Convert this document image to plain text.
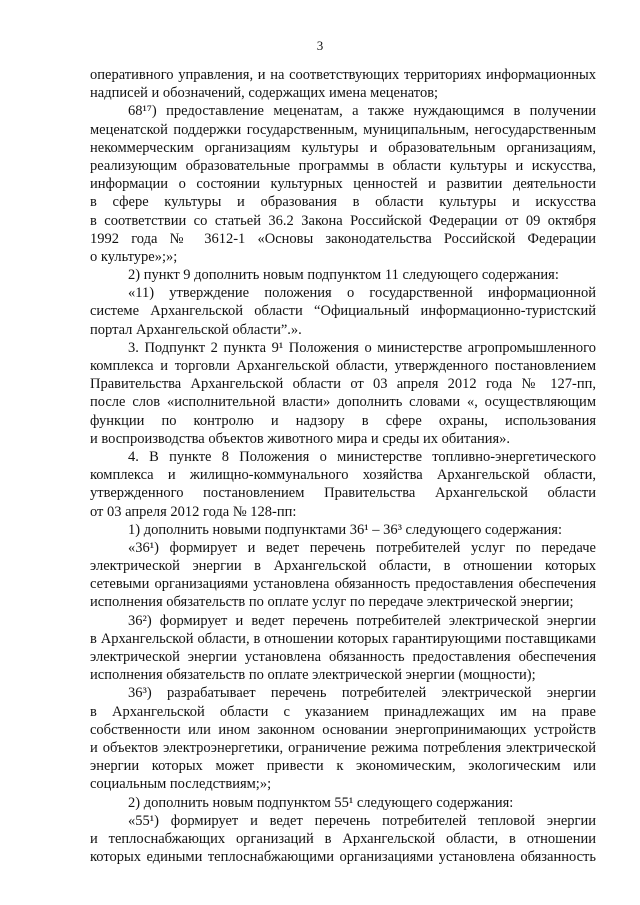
3
оперативного управления, и на соответствующих территориях информационных
надписей и обозначений, содержащих имена меценатов;
68¹⁷) предоставление меценатам, а также нуждающимся в получении
меценатской поддержки государственным, муниципальным, негосударственным
некоммерческим организациям культуры и образовательным организациям,
реализующим образовательные программы в области культуры и искусства,
информации о состоянии культурных ценностей и развитии деятельности
в сфере культуры и образования в области культуры и искусства
в соответствии со статьей 36.2 Закона Российской Федерации от 09 октября
1992 года № 3612-1 «Основы законодательства Российской Федерации
о культуре»;»;
2) пункт 9 дополнить новым подпунктом 11 следующего содержания:
«11) утверждение положения о государственной информационной
системе Архангельской области “Официальный информационно-туристский
портал Архангельской области”.».
3. Подпункт 2 пункта 9¹ Положения о министерстве агропромышленного
комплекса и торговли Архангельской области, утвержденного постановлением
Правительства Архангельской области от 03 апреля 2012 года № 127-пп,
после слов «исполнительной власти» дополнить словами «, осуществляющим
функции по контролю и надзору в сфере охраны, использования
и воспроизводства объектов животного мира и среды их обитания».
4. В пункте 8 Положения о министерстве топливно-энергетического
комплекса и жилищно-коммунального хозяйства Архангельской области,
утвержденного постановлением Правительства Архангельской области
от 03 апреля 2012 года № 128-пп:
1) дополнить новыми подпунктами 36¹ – 36³ следующего содержания:
«36¹) формирует и ведет перечень потребителей услуг по передаче
электрической энергии в Архангельской области, в отношении которых
сетевыми организациями установлена обязанность предоставления обеспечения
исполнения обязательств по оплате услуг по передаче электрической энергии;
36²) формирует и ведет перечень потребителей электрической энергии
в Архангельской области, в отношении которых гарантирующими поставщиками
электрической энергии установлена обязанность предоставления обеспечения
исполнения обязательств по оплате электрической энергии (мощности);
36³) разрабатывает перечень потребителей электрической энергии
в Архангельской области с указанием принадлежащих им на праве
собственности или ином законном основании энергопринимающих устройств
и объектов электроэнергетики, ограничение режима потребления электрической
энергии которых может привести к экономическим, экологическим или
социальным последствиям;»;
2) дополнить новым подпунктом 55¹ следующего содержания:
«55¹) формирует и ведет перечень потребителей тепловой энергии
и теплоснабжающих организаций в Архангельской области, в отношении
которых едиными теплоснабжающими организациями установлена обязанность
